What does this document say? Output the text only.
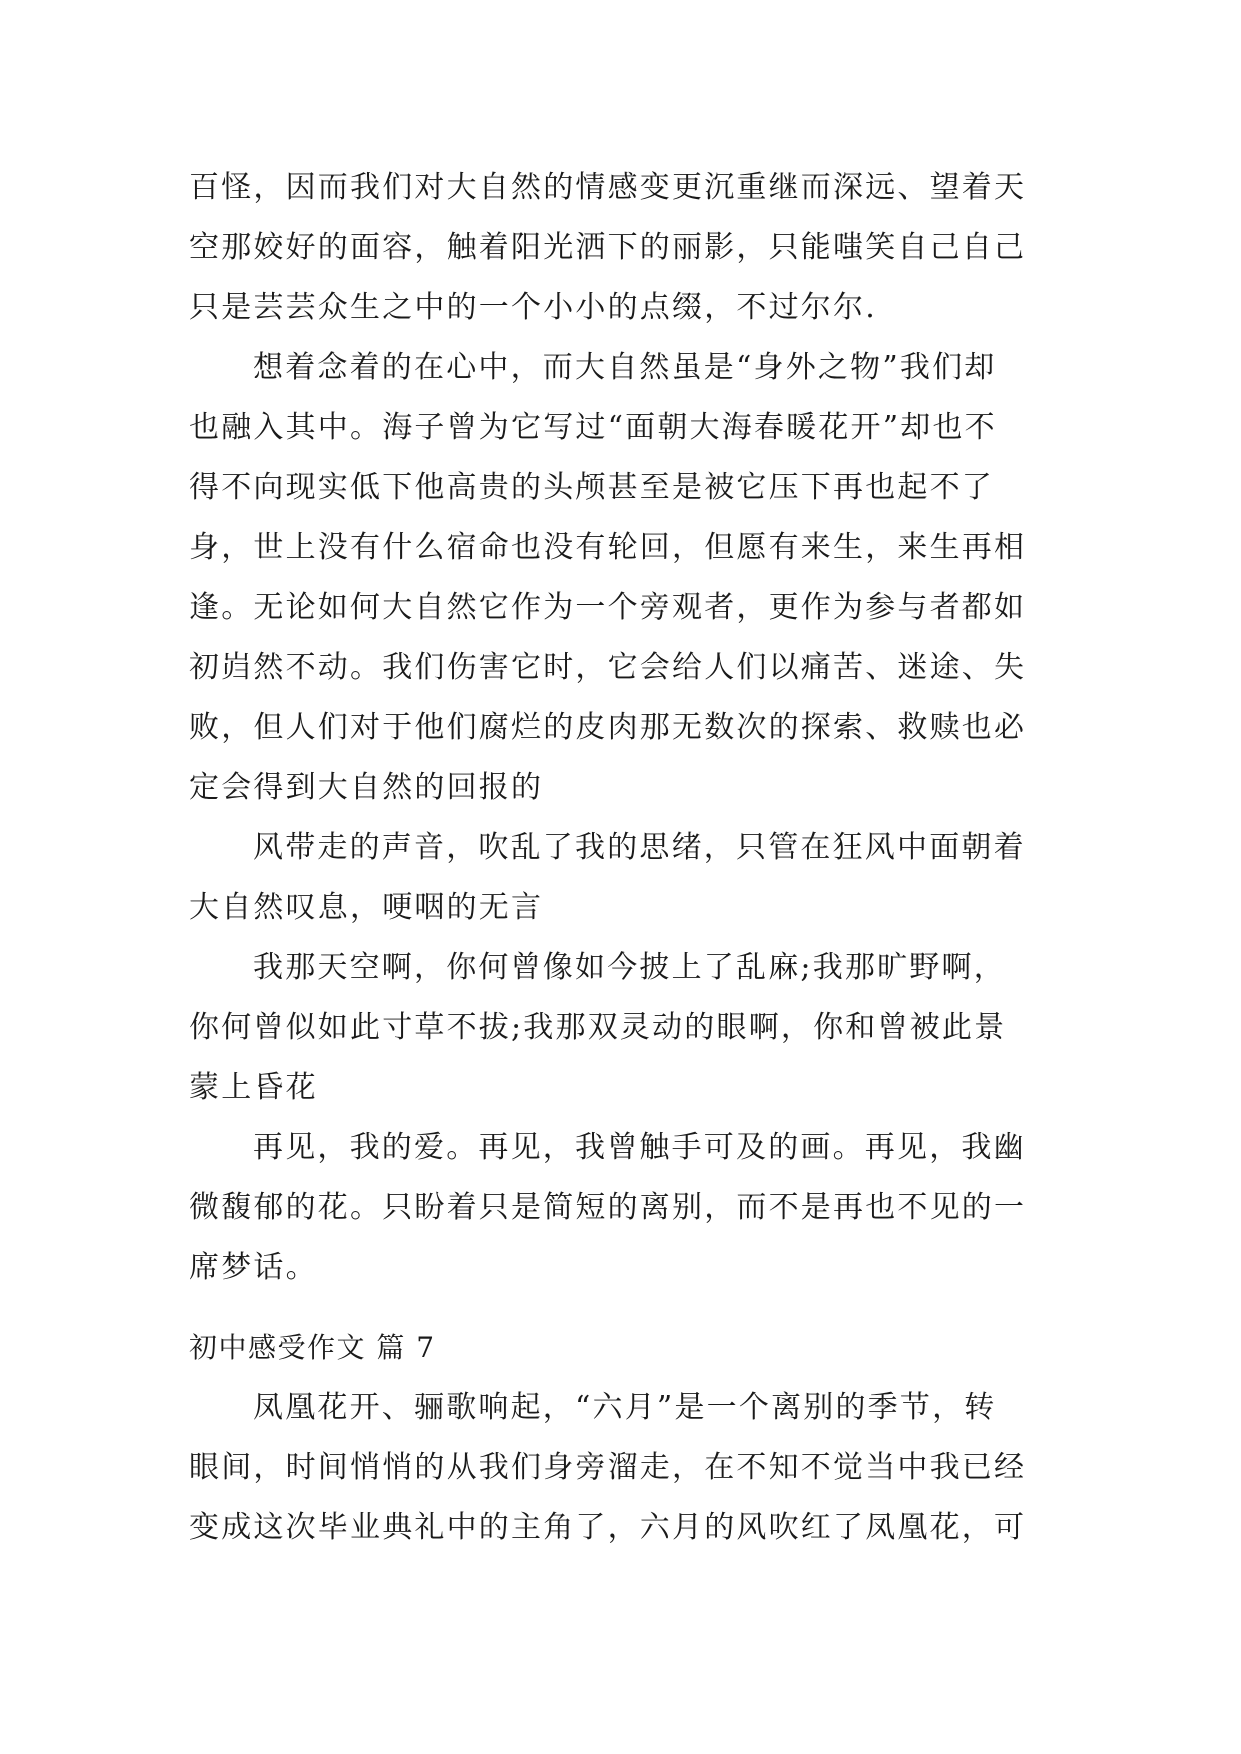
百怪，因而我们对大自然的情感变更沉重继而深远、望着天
空那姣好的面容，触着阳光洒下的丽影，只能嗤笑自己自己
只是芸芸众生之中的一个小小的点缀，不过尔尔.
想着念着的在心中，而大自然虽是“身外之物”我们却
也融入其中。海子曾为它写过“面朝大海春暖花开”却也不
得不向现实低下他高贵的头颅甚至是被它压下再也起不了
身，世上没有什么宿命也没有轮回，但愿有来生，来生再相
逢。无论如何大自然它作为一个旁观者，更作为参与者都如
初岿然不动。我们伤害它时，它会给人们以痛苦、迷途、失
败，但人们对于他们腐烂的皮肉那无数次的探索、救赎也必
定会得到大自然的回报的
风带走的声音，吹乱了我的思绪，只管在狂风中面朝着
大自然叹息，哽咽的无言
我那天空啊，你何曾像如今披上了乱麻;我那旷野啊，
你何曾似如此寸草不拔;我那双灵动的眼啊，你和曾被此景
蒙上昏花
再见，我的爱。再见，我曾触手可及的画。再见，我幽
微馥郁的花。只盼着只是简短的离别，而不是再也不见的一
席梦话。
初中感受作文 篇 7
凤凰花开、骊歌响起，“六月”是一个离别的季节，转
眼间，时间悄悄的从我们身旁溜走，在不知不觉当中我已经
变成这次毕业典礼中的主角了，六月的风吹红了凤凰花，可
